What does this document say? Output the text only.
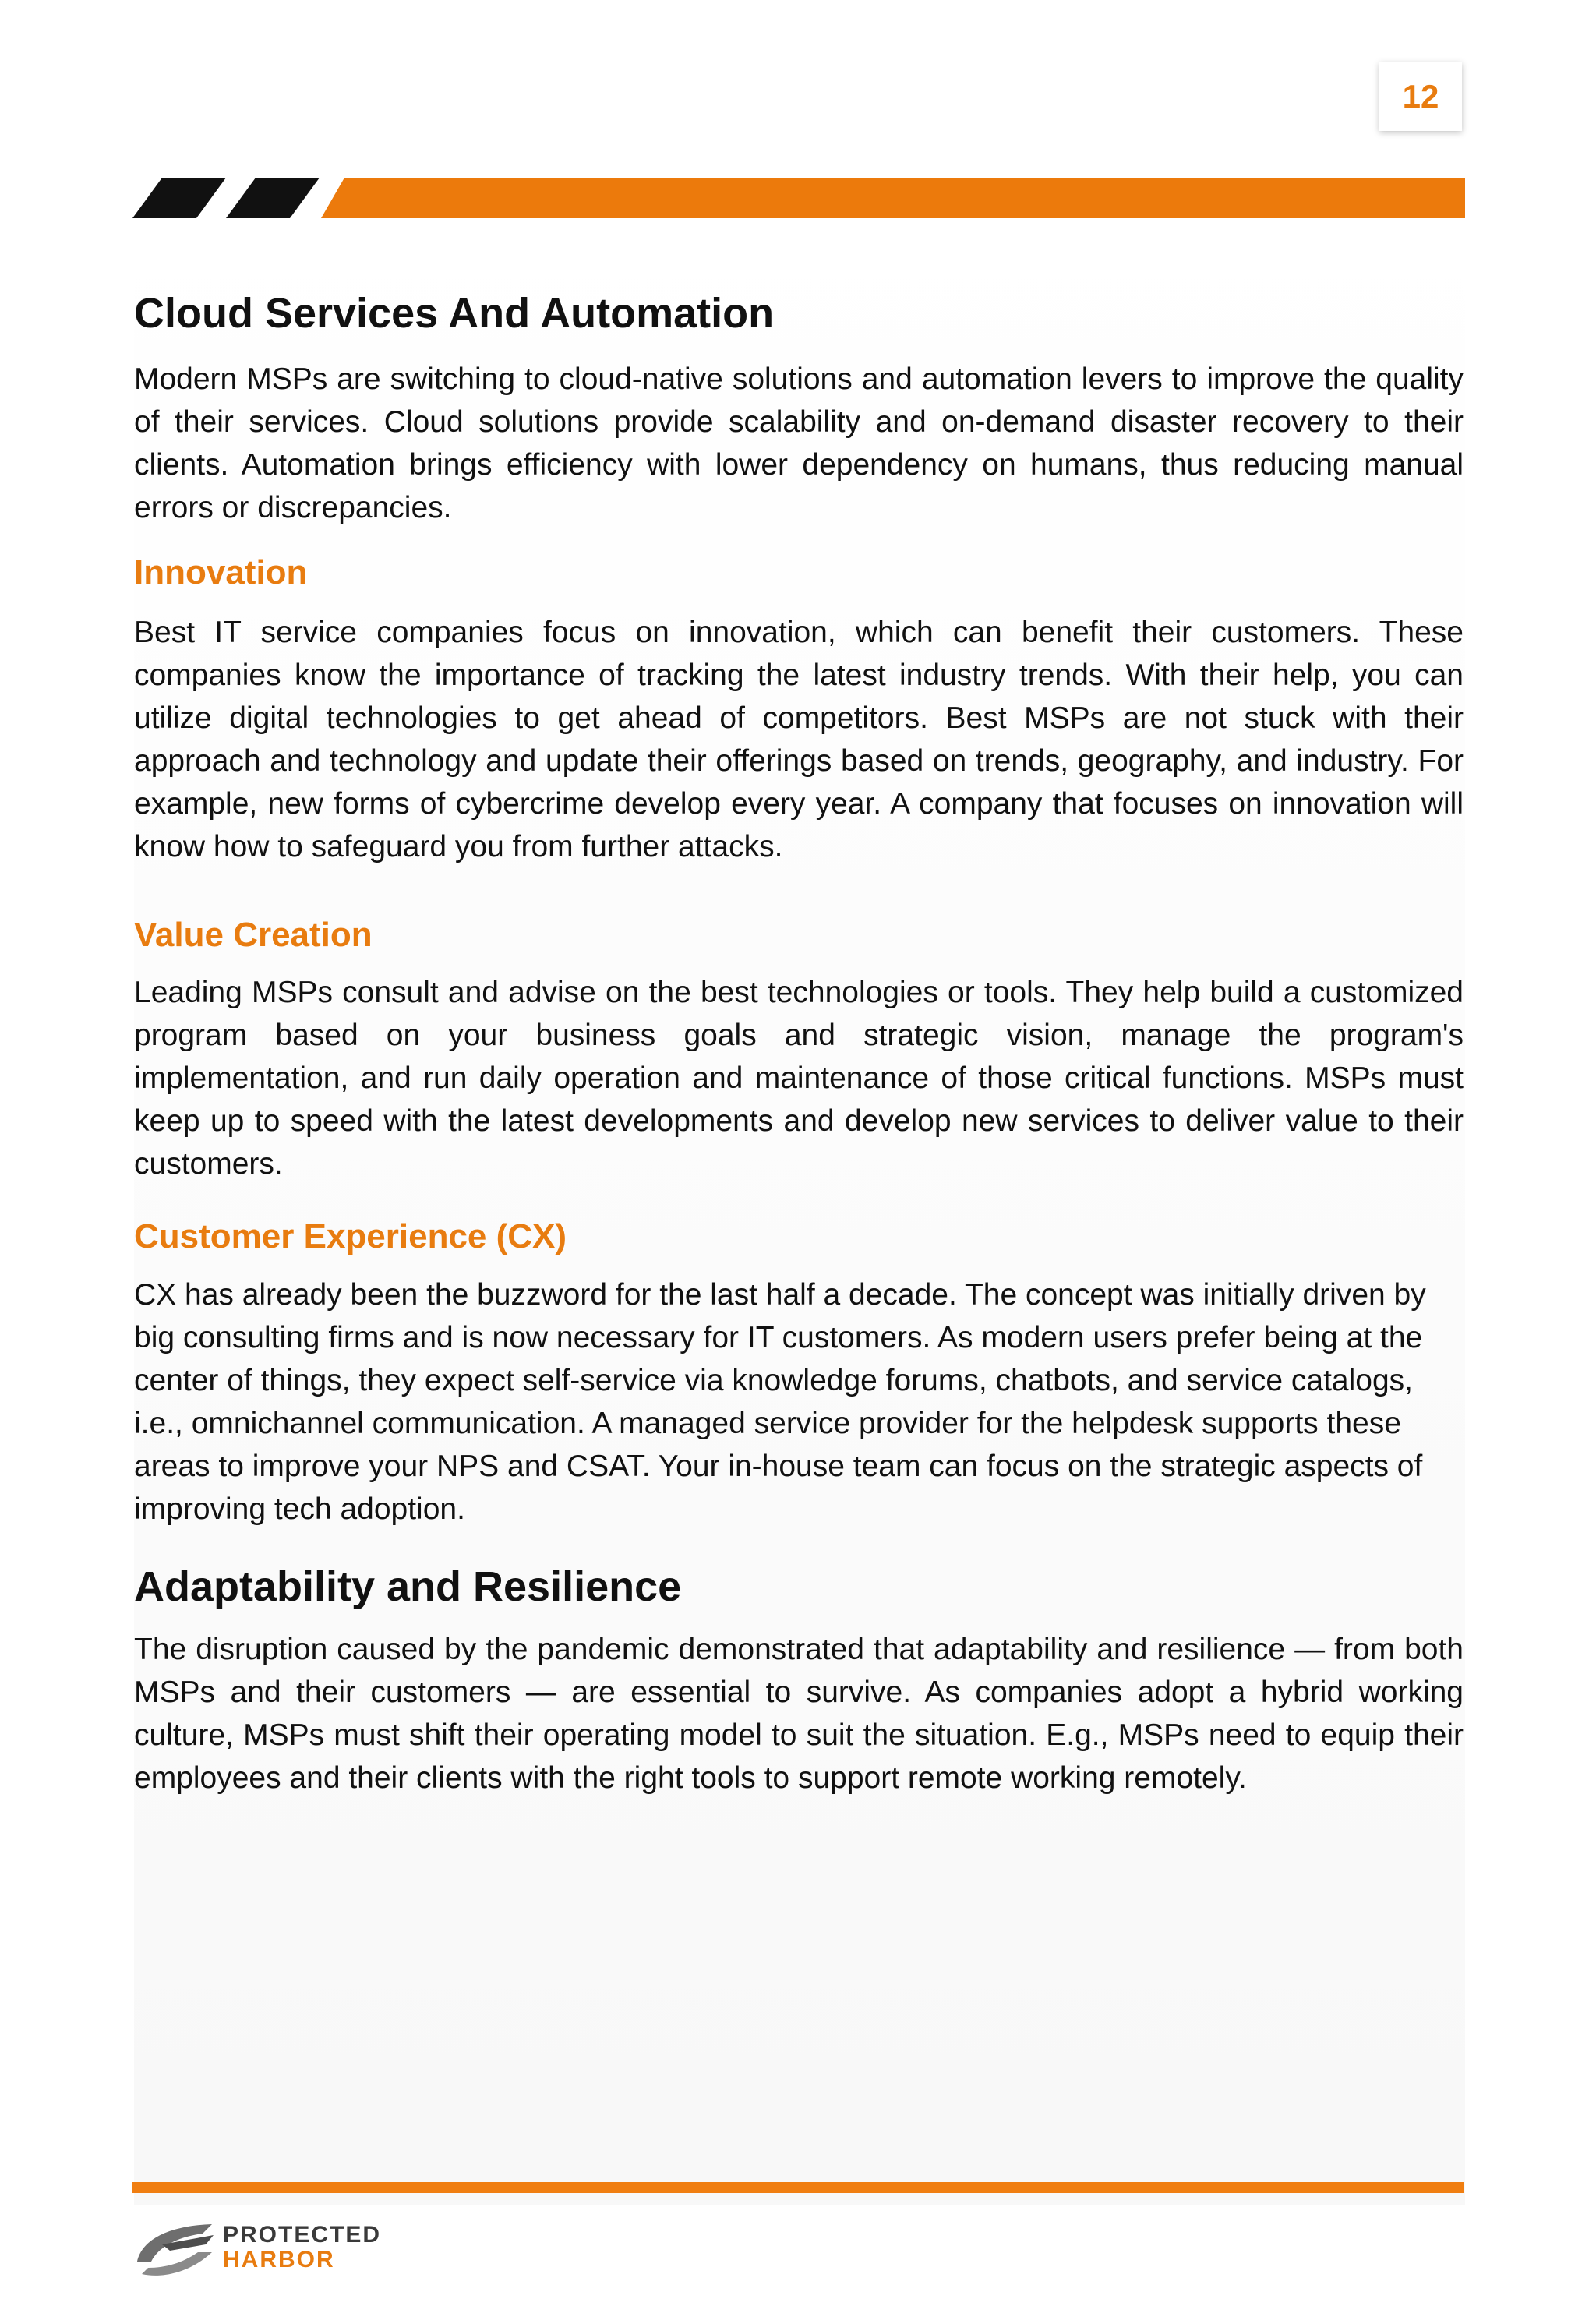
12
Cloud Services And Automation

Modern MSPs are switching to cloud-native solutions and automation levers to improve the quality of their services. Cloud solutions provide scalability and on-demand disaster recovery to their clients. Automation brings efficiency with lower dependency on humans, thus reducing manual errors or discrepancies.

Innovation

Best IT service companies focus on innovation, which can benefit their customers. These companies know the importance of tracking the latest industry trends. With their help, you can utilize digital technologies to get ahead of competitors. Best MSPs are not stuck with their approach and technology and update their offerings based on trends, geography, and industry. For example, new forms of cybercrime develop every year. A company that focuses on innovation will know how to safeguard you from further attacks.

Value Creation

Leading MSPs consult and advise on the best technologies or tools. They help build a customized program based on your business goals and strategic vision, manage the program's implementation, and run daily operation and maintenance of those critical functions. MSPs must keep up to speed with the latest developments and develop new services to deliver value to their customers.

Customer Experience (CX)

CX has already been the buzzword for the last half a decade. The concept was initially driven by big consulting firms and is now necessary for IT customers. As modern users prefer being at the center of things, they expect self-service via knowledge forums, chatbots, and service catalogs, i.e., omnichannel communication. A managed service provider for the helpdesk supports these areas to improve your NPS and CSAT. Your in-house team can focus on the strategic aspects of improving tech adoption.

Adaptability and Resilience

The disruption caused by the pandemic demonstrated that adaptability and resilience — from both MSPs and their customers — are essential to survive. As companies adopt a hybrid working culture, MSPs must shift their operating model to suit the situation. E.g., MSPs need to equip their employees and their clients with the right tools to support remote working remotely.

PROTECTED
HARBOR
